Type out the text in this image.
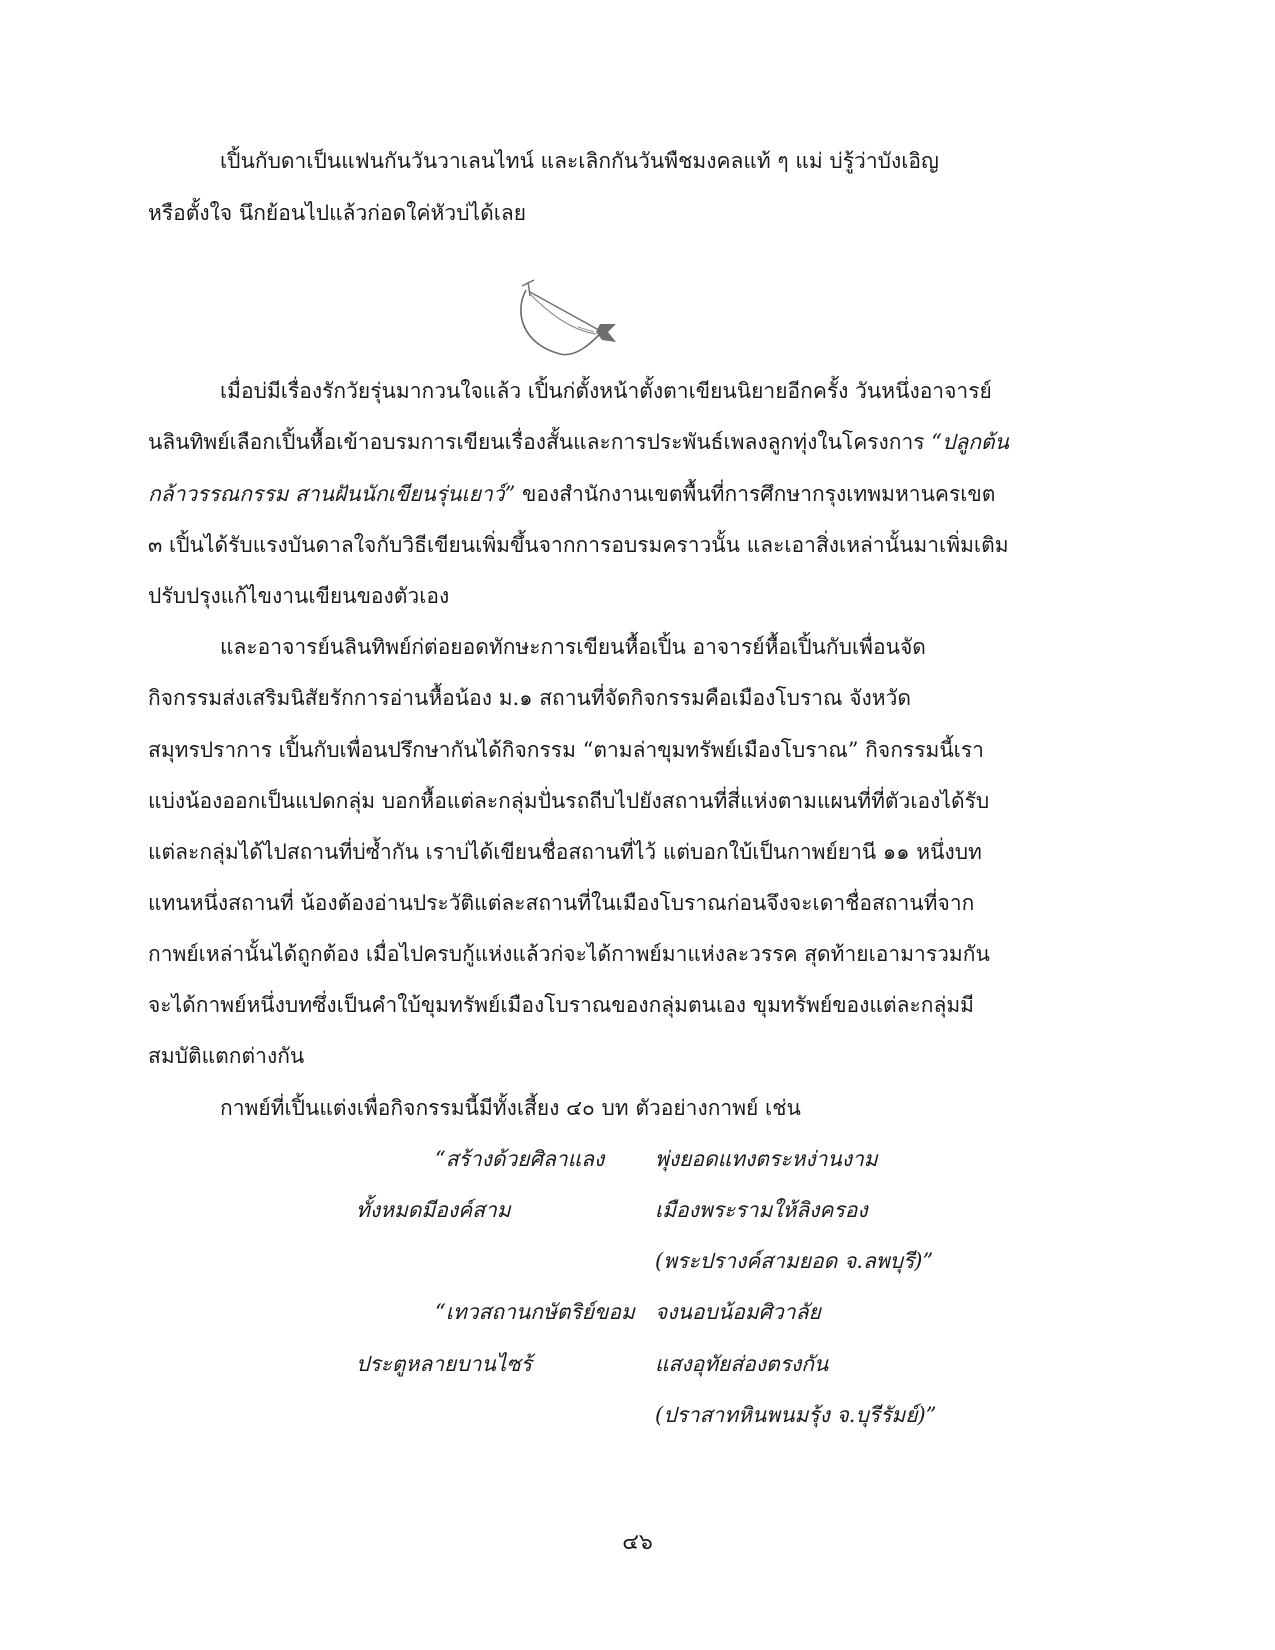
เปิ้นกับดาเป็นแฟนกันวันวาเลนไทน์ และเลิกกันวันพืชมงคลแท้ ๆ แม่ บ่รู้ว่าบังเอิญ
หรือตั้งใจ นึกย้อนไปแล้วก่อดใค่หัวบ่ได้เลย
เมื่อบ่มีเรื่องรักวัยรุ่นมากวนใจแล้ว เปิ้นก่ตั้งหน้าตั้งตาเขียนนิยายอีกครั้ง วันหนึ่งอาจารย์
นลินทิพย์เลือกเปิ้นหื้อเข้าอบรมการเขียนเรื่องสั้นและการประพันธ์เพลงลูกทุ่งในโครงการ “ปลูกต้น
กล้าวรรณกรรม สานฝันนักเขียนรุ่นเยาว์” ของสำนักงานเขตพื้นที่การศึกษากรุงเทพมหานครเขต
๓ เปิ้นได้รับแรงบันดาลใจกับวิธีเขียนเพิ่มขึ้นจากการอบรมคราวนั้น และเอาสิ่งเหล่านั้นมาเพิ่มเติม
ปรับปรุงแก้ไขงานเขียนของตัวเอง
และอาจารย์นลินทิพย์ก่ต่อยอดทักษะการเขียนหื้อเปิ้น อาจารย์หื้อเปิ้นกับเพื่อนจัด
กิจกรรมส่งเสริมนิสัยรักการอ่านหื้อน้อง ม.๑ สถานที่จัดกิจกรรมคือเมืองโบราณ จังหวัด
สมุทรปราการ เปิ้นกับเพื่อนปรึกษากันได้กิจกรรม “ตามล่าขุมทรัพย์เมืองโบราณ” กิจกรรมนี้เรา
แบ่งน้องออกเป็นแปดกลุ่ม บอกหื้อแต่ละกลุ่มปั่นรถถีบไปยังสถานที่สี่แห่งตามแผนที่ที่ตัวเองได้รับ
แต่ละกลุ่มได้ไปสถานที่บ่ซ้ำกัน เราบ่ได้เขียนชื่อสถานที่ไว้ แต่บอกใบ้เป็นกาพย์ยานี ๑๑ หนึ่งบท
แทนหนึ่งสถานที่ น้องต้องอ่านประวัติแต่ละสถานที่ในเมืองโบราณก่อนจึงจะเดาชื่อสถานที่จาก
กาพย์เหล่านั้นได้ถูกต้อง เมื่อไปครบกู้แห่งแล้วก่จะได้กาพย์มาแห่งละวรรค สุดท้ายเอามารวมกัน
จะได้กาพย์หนึ่งบทซึ่งเป็นคำใบ้ขุมทรัพย์เมืองโบราณของกลุ่มตนเอง ขุมทรัพย์ของแต่ละกลุ่มมี
สมบัติแตกต่างกัน
กาพย์ที่เปิ้นแต่งเพื่อกิจกรรมนี้มีทั้งเสี้ยง ๔๐ บท ตัวอย่างกาพย์ เช่น
“สร้างด้วยศิลาแลง พุ่งยอดแทงตระหง่านงาม
ทั้งหมดมีองค์สาม	เมืองพระรามให้ลิงครอง
(พระปรางค์สามยอด จ.ลพบุรี)”
“เทวสถานกษัตริย์ขอม จงนอบน้อมศิวาลัย
ประตูหลายบานไซร้	แสงอุทัยส่องตรงกัน
(ปราสาทหินพนมรุ้ง จ.บุรีรัมย์)”
๔๖
